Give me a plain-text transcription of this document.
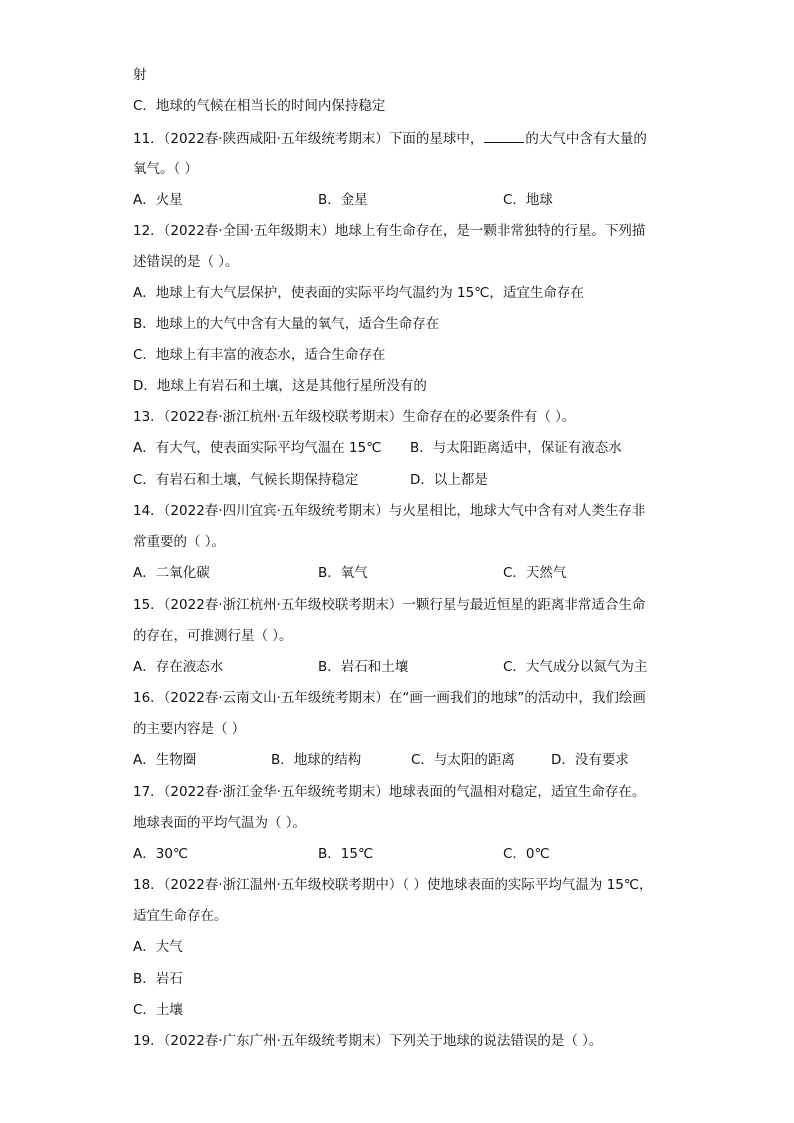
射
C．地球的气候在相当长的时间内保持稳定
11．（2022春·陕西咸阳·五年级统考期末）下面的星球中，	的大气中含有大量的
氧气。（ ）
A．火星	B．金星	C．地球
12．（2022春·全国·五年级期末）地球上有生命存在，是一颗非常独特的行星。下列描
述错误的是（ ）。
A．地球上有大气层保护，使表面的实际平均气温约为 15℃，适宜生命存在
B．地球上的大气中含有大量的氧气，适合生命存在
C．地球上有丰富的液态水，适合生命存在
D．地球上有岩石和土壤，这是其他行星所没有的
13．（2022春·浙江杭州·五年级校联考期末）生命存在的必要条件有（ ）。
A．有大气，使表面实际平均气温在 15℃ B．与太阳距离适中，保证有液态水
C．有岩石和土壤，气候长期保持稳定	D．以上都是
14．（2022春·四川宜宾·五年级统考期末）与火星相比，地球大气中含有对人类生存非
常重要的（ ）。
A．二氧化碳	B．氧气	C．天然气
15．（2022春·浙江杭州·五年级校联考期末）一颗行星与最近恒星的距离非常适合生命
的存在，可推测行星（ ）。
A．存在液态水	B．岩石和土壤	C．大气成分以氮气为主
16．（2022春·云南文山·五年级统考期末）在“画一画我们的地球”的活动中，我们绘画
的主要内容是（ ）
A．生物圈	B．地球的结构	C．与太阳的距离	D．没有要求
17．（2022春·浙江金华·五年级统考期末）地球表面的气温相对稳定，适宜生命存在。
地球表面的平均气温为（ ）。
A．30℃	B．15℃	C．0℃
18．（2022春·浙江温州·五年级校联考期中）（ ）使地球表面的实际平均气温为 15℃，
适宜生命存在。
A．大气
B．岩石
C．土壤
19．（2022春·广东广州·五年级统考期末）下列关于地球的说法错误的是（ ）。
